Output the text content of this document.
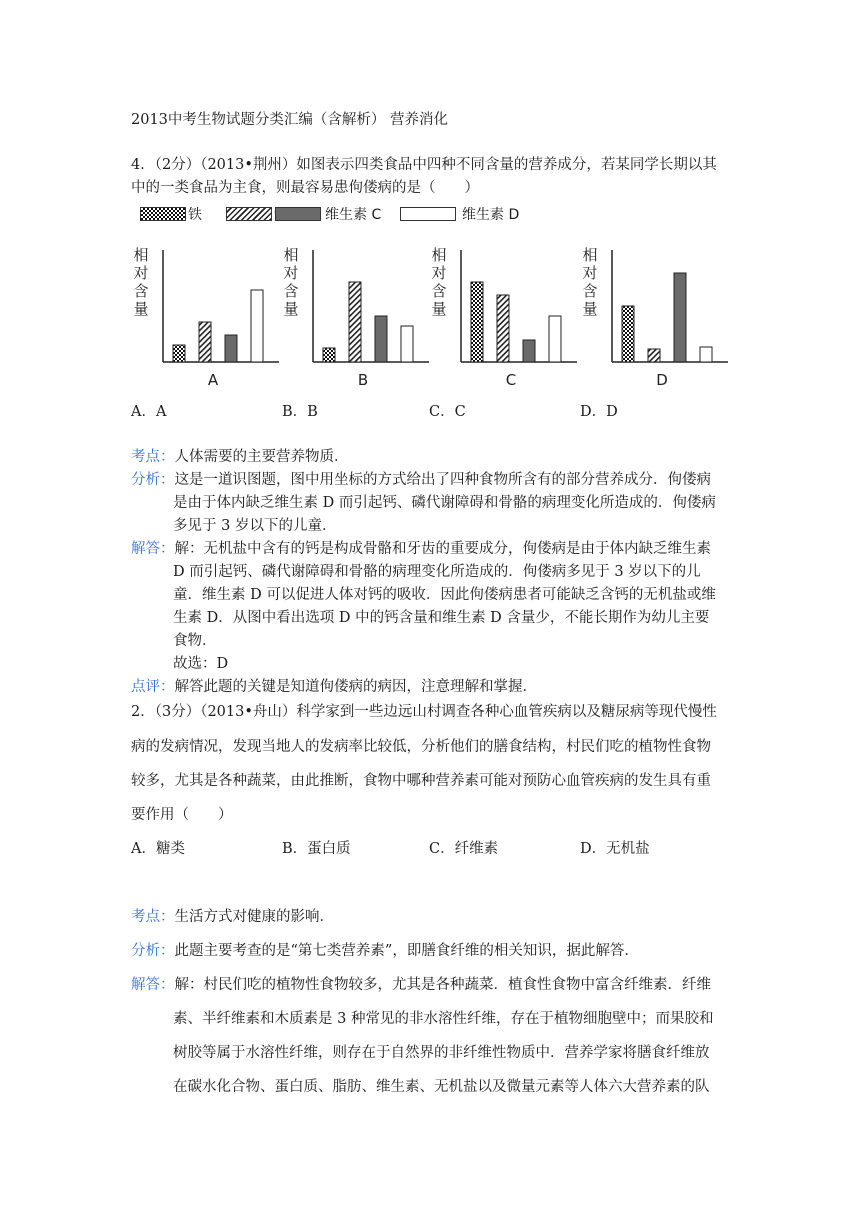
2013中考生物试题分类汇编（含解析） 营养消化
4．（2分）（2013•荆州）如图表示四类食品中四种不同含量的营养成分，若某同学长期以其
中的一类食品为主食，则最容易患佝偻病的是（　　）
铁	维生素 C	维生素 D
相
对
含
量
A
相
对
含
量
B
相
对
含
量
C
相
对
含
量
D
A．A	B．B	C．C	D．D
考点：人体需要的主要营养物质．
分析：这是一道识图题，图中用坐标的方式给出了四种食物所含有的部分营养成分．佝偻病
是由于体内缺乏维生素 D 而引起钙、磷代谢障碍和骨骼的病理变化所造成的．佝偻病
多见于 3 岁以下的儿童．
解答：解：无机盐中含有的钙是构成骨骼和牙齿的重要成分，佝偻病是由于体内缺乏维生素
D 而引起钙、磷代谢障碍和骨骼的病理变化所造成的．佝偻病多见于 3 岁以下的儿
童．维生素 D 可以促进人体对钙的吸收．因此佝偻病患者可能缺乏含钙的无机盐或维
生素 D．从图中看出选项 D 中的钙含量和维生素 D 含量少，不能长期作为幼儿主要
食物．
故选：D
点评：解答此题的关键是知道佝偻病的病因，注意理解和掌握．
2．（3分）（2013•舟山）科学家到一些边远山村调查各种心血管疾病以及糖尿病等现代慢性
病的发病情况，发现当地人的发病率比较低，分析他们的膳食结构，村民们吃的植物性食物
较多，尤其是各种蔬菜，由此推断，食物中哪种营养素可能对预防心血管疾病的发生具有重
要作用（　　）
A．糖类	B．蛋白质	C．纤维素	D．无机盐
考点：生活方式对健康的影响．
分析：此题主要考查的是“第七类营养素”，即膳食纤维的相关知识，据此解答．
解答：解：村民们吃的植物性食物较多，尤其是各种蔬菜．植食性食物中富含纤维素．纤维
素、半纤维素和木质素是 3 种常见的非水溶性纤维，存在于植物细胞壁中；而果胶和
树胶等属于水溶性纤维，则存在于自然界的非纤维性物质中．营养学家将膳食纤维放
在碳水化合物、蛋白质、脂肪、维生素、无机盐以及微量元素等人体六大营养素的队
